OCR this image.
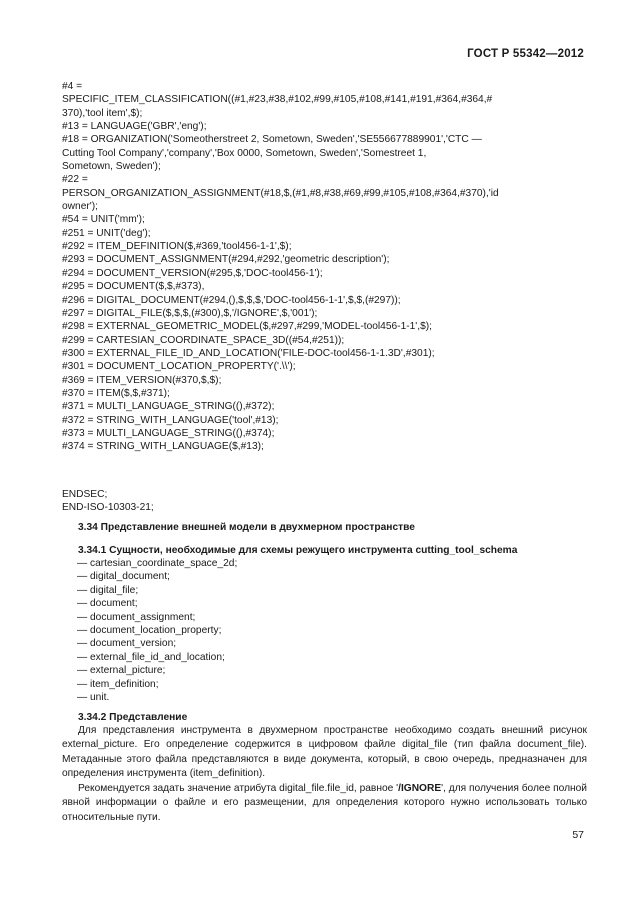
ГОСТ Р 55342—2012
#4 =
SPECIFIC_ITEM_CLASSIFICATION((#1,#23,#38,#102,#99,#105,#108,#141,#191,#364,#364,#
370),'tool item',$);
#13 = LANGUAGE('GBR','eng');
#18 = ORGANIZATION('Someotherstreet 2, Sometown, Sweden','SE556677889901','CTC —
Cutting Tool Company','company','Box 0000, Sometown, Sweden','Somestreet 1,
Sometown, Sweden');
#22 =
PERSON_ORGANIZATION_ASSIGNMENT(#18,$,(#1,#8,#38,#69,#99,#105,#108,#364,#370),'id
owner');
#54 = UNIT('mm');
#251 = UNIT('deg');
#292 = ITEM_DEFINITION($,#369,'tool456-1-1',$);
#293 = DOCUMENT_ASSIGNMENT(#294,#292,'geometric description');
#294 = DOCUMENT_VERSION(#295,$,'DOC-tool456-1');
#295 = DOCUMENT($,$,#373),
#296 = DIGITAL_DOCUMENT(#294,(),$,$,$,'DOC-tool456-1-1',$,$,(#297));
#297 = DIGITAL_FILE($,$,$,(#300),$,'/IGNORE',$,'001');
#298 = EXTERNAL_GEOMETRIC_MODEL($,#297,#299,'MODEL-tool456-1-1',$);
#299 = CARTESIAN_COORDINATE_SPACE_3D((#54,#251));
#300 = EXTERNAL_FILE_ID_AND_LOCATION('FILE-DOC-tool456-1-1.3D',#301);
#301 = DOCUMENT_LOCATION_PROPERTY('.\\');
#369 = ITEM_VERSION(#370,$,$);
#370 = ITEM($,$,#371);
#371 = MULTI_LANGUAGE_STRING((),#372);
#372 = STRING_WITH_LANGUAGE('tool',#13);
#373 = MULTI_LANGUAGE_STRING((),#374);
#374 = STRING_WITH_LANGUAGE($,#13);
ENDSEC;
END-ISO-10303-21;
3.34 Представление внешней модели в двухмерном пространстве
3.34.1 Сущности, необходимые для схемы режущего инструмента cutting_tool_schema
— cartesian_coordinate_space_2d;
— digital_document;
— digital_file;
— document;
— document_assignment;
— document_location_property;
— document_version;
— external_file_id_and_location;
— external_picture;
— item_definition;
— unit.
3.34.2 Представление
Для представления инструмента в двухмерном пространстве необходимо создать внешний рисунок external_picture. Его определение содержится в цифровом файле digital_file (тип файла document_file). Метаданные этого файла представляются в виде документа, который, в свою очередь, предназначен для определения инструмента (item_definition).
Рекомендуется задать значение атрибута digital_file.file_id, равное '/IGNORE', для получения более полной явной информации о файле и его размещении, для определения которого нужно использовать только относительные пути.
57
